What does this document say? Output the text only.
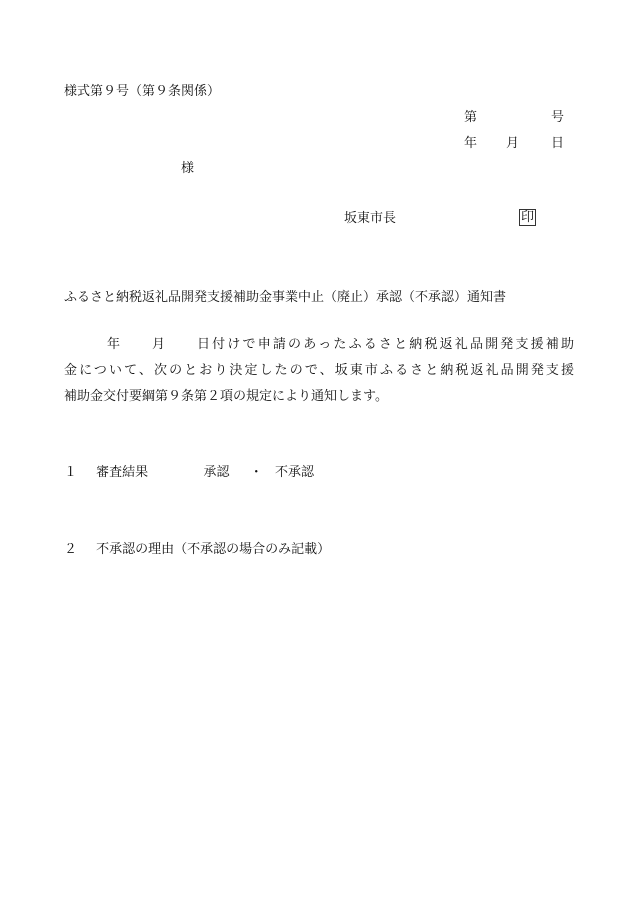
様式第９号（第９条関係）
第	号
年 月 日
様
坂東市長	印
ふるさと納税返礼品開発支援補助金事業中止（廃止）承認（不承認）通知書
年 月 日付けで申請のあったふるさと納税返礼品開発支援補助
金について、次のとおり決定したので、坂東市ふるさと納税返礼品開発支援
補助金交付要綱第９条第２項の規定により通知します。
１ 審査結果	承認 ・ 不承認
２ 不承認の理由（不承認の場合のみ記載）
